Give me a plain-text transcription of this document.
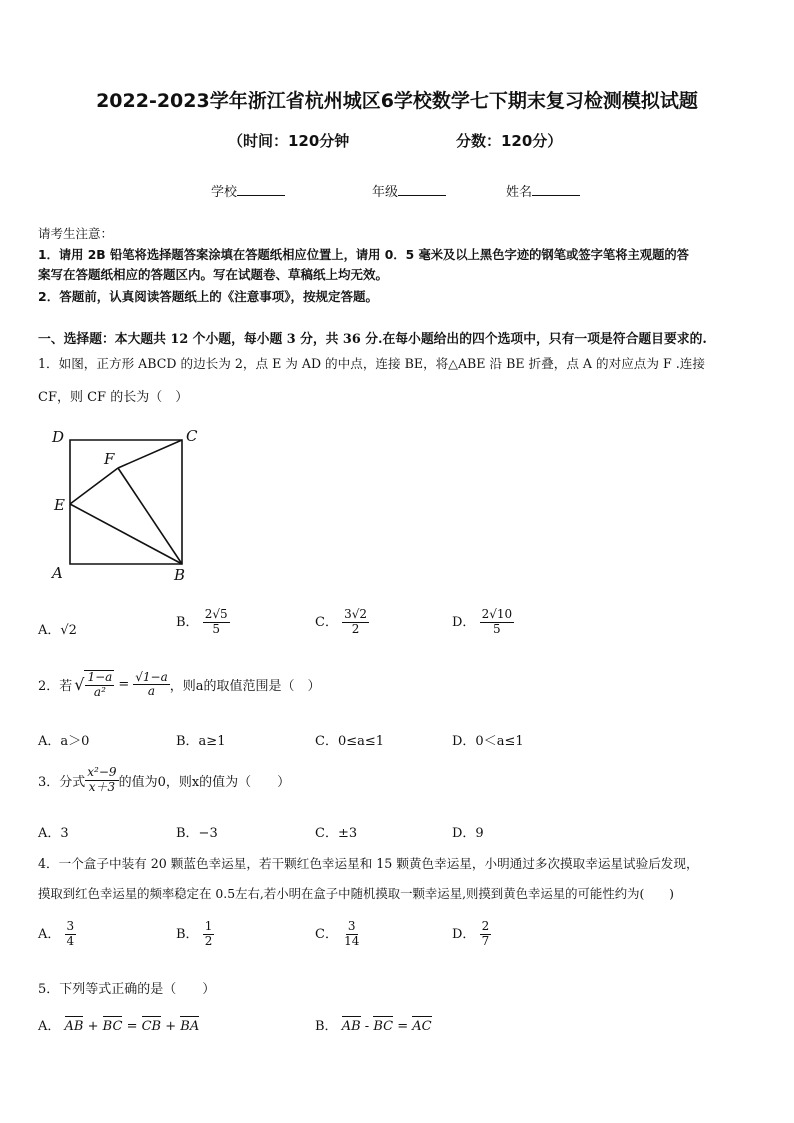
2022-2023学年浙江省杭州城区6学校数学七下期末复习检测模拟试题
（时间：120分钟	分数：120分）
学校	年级	姓名
请考生注意：
1．请用 2B 铅笔将选择题答案涂填在答题纸相应位置上，请用 0．5 毫米及以上黑色字迹的钢笔或签字笔将主观题的答
案写在答题纸相应的答题区内。写在试题卷、草稿纸上均无效。
2．答题前，认真阅读答题纸上的《注意事项》，按规定答题。
一、选择题：本大题共 12 个小题，每小题 3 分，共 36 分.在每小题给出的四个选项中，只有一项是符合题目要求的.
1．如图，正方形 ABCD 的边长为 2，点 E 为 AD 的中点，连接 BE，将△ABE 沿 BE 折叠，点 A 的对应点为 F .连接
CF，则 CF 的长为（　）
D	C
F
E
A	B
A．√2
B． $\frac{2√5}{5}$	C． $\frac{3√2}{2}$	D． $\frac{2√10}{5}$
2．若 √ $\frac{1-a}{\text{a²}} = \frac{√1-a}{a}$ ，则a的取值范围是（　）
A．a＞0	B．a≥1	C．0≤a≤1	D．0＜a≤1
3．分式 $\frac{\text{x²−9}}{x+3}$ 的值为0，则x的值为（　　）
A．3	B．−3	C．±3	D．9
4．一个盒子中装有 20 颗蓝色幸运星，若干颗红色幸运星和 15 颗黄色幸运星，小明通过多次摸取幸运星试验后发现，
摸取到红色幸运星的频率稳定在 0.5左右,若小明在盒子中随机摸取一颗幸运星,则摸到黄色幸运星的可能性约为(　　)
A． $\frac{3}{4}$	B． $\frac{1}{2}$	C． $\frac{3}{14}$	D． $\frac{2}{7}$
5．下列等式正确的是（　　）
A． AB + BC = CB + BA	B． AB - BC = AC
